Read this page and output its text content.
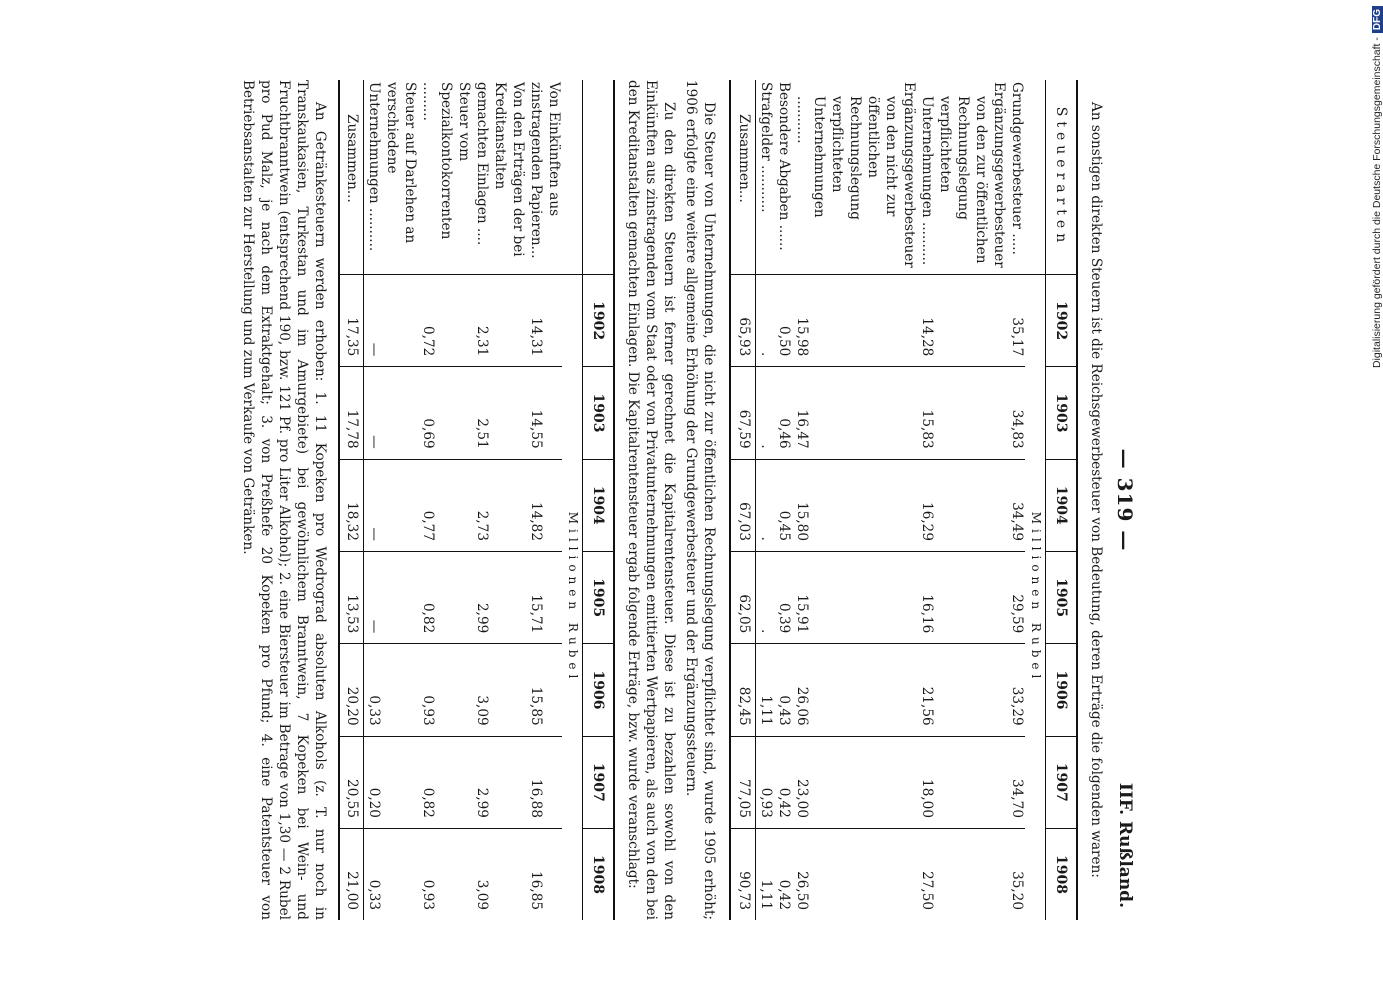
— 319 —
IIF. Rußland.

An sonstigen direkten Steuern ist die Reichsgewerbesteuer von Bedeutung, deren Erträge die folgenden waren:

Steuerarten	1902	1903	1904	1905	1906	1907	1908
	Millionen Rubel						
Grundgewerbesteuer .....	35,17	34,83	34,49	29,59	33,29	34,70	35,20
Ergänzungsgewerbesteuer							
von den zur öffentlichen Rechnungslegung verpflichteten Unternehmungen ..........	14,28	15,83	16,29	16,16	21,56	18,00	27,50
Ergänzungsgewerbesteuer							
von den nicht zur öffentlichen Rechnungslegung verpflichteten Unternehmungen ...........	15,98	16,47	15,80	15,91	26,06	23,00	26,50
Besondere Abgaben ......	0,50	0,46	0,45	0,39	0,43	0,42	0,42
Strafgelder ...........	.	.	.	.	1,11	0,93	1,11
Zusammen...	65,93	67,59	67,03	62,05	82,45	77,05	90,73

Die Steuer von Unternehmungen, die nicht zur öffentlichen Rechnungslegung verpflichtet sind, wurde 1905 erhöht; 1906 erfolgte eine weitere allgemeine Erhöhung der Grundgewerbesteuer und der Ergänzungssteuern.

Zu den direkten Steuern ist ferner gerechnet die Kapitalrentensteuer. Diese ist zu bezahlen sowohl von den Einkünften aus zinstragenden vom Staat oder von Privatunternehmungen emittierten Wertpapieren, als auch von den bei den Kreditanstalten gemachten Einlagen. Die Kapitalrentensteuer ergab folgende Erträge, bzw. wurde veranschlagt:

	1902	1903	1904	1905	1906	1907	1908
	Millionen Rubel						
Von Einkünften aus zinstragenden Papieren...	14,31	14,55	14,82	15,71	15,85	16,88	16,85
Von den Erträgen der bei Kreditanstalten gemachten Einlagen ....	2,31	2,51	2,73	2,99	3,09	2,99	3,09
Steuer vom Spezialkontokorrenten .........	0,72	0,69	0,77	0,82	0,93	0,82	0,93
Steuer auf Darlehen an verschiedene Unternehmungen ..........	—	—	—	—	0,33	0,20	0,33
Zusammen...	17,35	17,78	18,32	13,53	20,20	20,55	21,00

An Getränkesteuern werden erhoben: 1. 11 Kopeken pro Wedrograd absoluten Alkohols (z. T. nur noch in Transkaukasien, Turkestan und im Amurgebiete) bei gewöhnlichem Branntwein, 7 Kopeken bei Wein- und Fruchtbranntwein (entsprechend 190, bzw. 121 Pf. pro Liter Alkohol); 2. eine Biersteuer im Betrage von 1,30 — 2 Rubel pro Pud Malz, je nach dem Extraktgehalt; 3. von Preßhefe 20 Kopeken pro Pfund; 4. eine Patentsteuer von Betriebsanstalten zur Herstellung und zum Verkaufe von Getränken.	Digitalisierung gefördert durch die Deutsche Forschungsgemeinschaft -DFG
